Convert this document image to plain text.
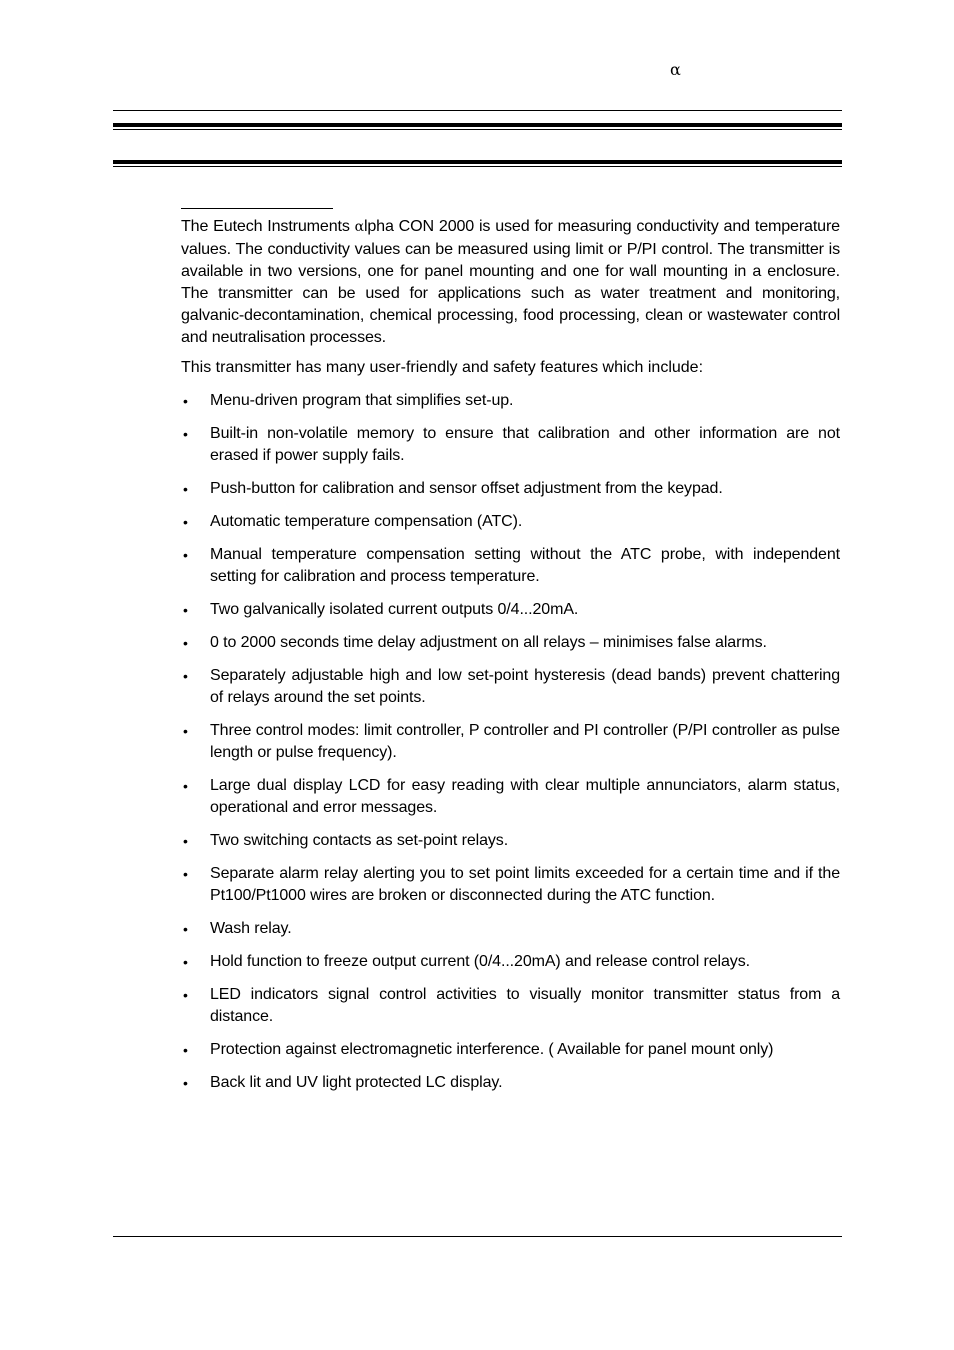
α

The Eutech Instruments αlpha CON 2000 is used for measuring conductivity and temperature values. The conductivity values can be measured using limit or P/PI control. The transmitter is available in two versions, one for panel mounting and one for wall mounting in a enclosure. The transmitter can be used for applications such as water treatment and monitoring, galvanic-decontamination, chemical processing, food processing, clean or wastewater control and neutralisation processes.

This transmitter has many user-friendly and safety features which include:

• Menu-driven program that simplifies set-up.
• Built-in non-volatile memory to ensure that calibration and other information are not erased if power supply fails.
• Push-button for calibration and sensor offset adjustment from the keypad.
• Automatic temperature compensation (ATC).
• Manual temperature compensation setting without the ATC probe, with independent setting for calibration and process temperature.
• Two galvanically isolated current outputs 0/4...20mA.
• 0 to 2000 seconds time delay adjustment on all relays – minimises false alarms.
• Separately adjustable high and low set-point hysteresis (dead bands) prevent chattering of relays around the set points.
• Three control modes: limit controller, P controller and PI controller (P/PI controller as pulse length or pulse frequency).
• Large dual display LCD for easy reading with clear multiple annunciators, alarm status, operational and error messages.
• Two switching contacts as set-point relays.
• Separate alarm relay alerting you to set point limits exceeded for a certain time and if the Pt100/Pt1000 wires are broken or disconnected during the ATC function.
• Wash relay.
• Hold function to freeze output current (0/4...20mA) and release control relays.
• LED indicators signal control activities to visually monitor transmitter status from a distance.
• Protection against electromagnetic interference. ( Available for panel mount only)
• Back lit and UV light protected LC display.
